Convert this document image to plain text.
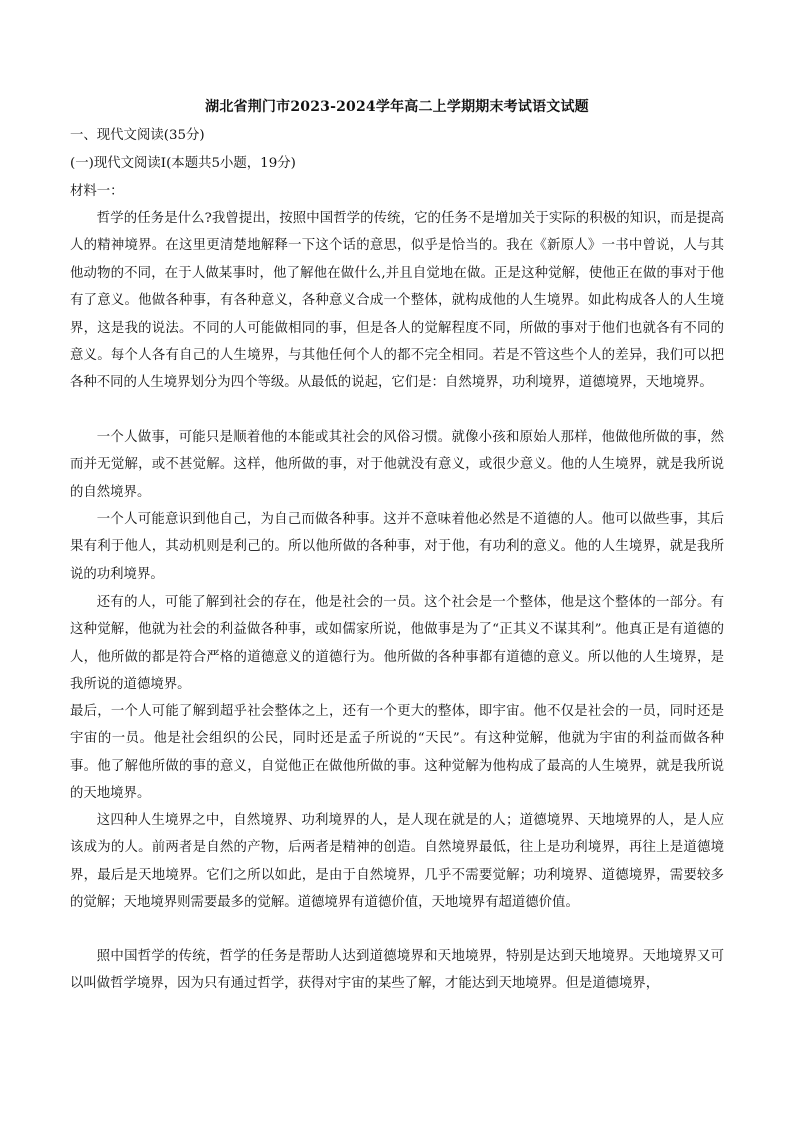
湖北省荆门市2023-2024学年高二上学期期末考试语文试题
一、现代文阅读(35分)
(一)现代文阅读Ⅰ(本题共5小题，19分)
材料一：

哲学的任务是什么?我曾提出，按照中国哲学的传统，它的任务不是增加关于实际的积极的知识，而是提高人的精神境界。在这里更清楚地解释一下这个话的意思，似乎是恰当的。我在《新原人》一书中曾说，人与其他动物的不同，在于人做某事时，他了解他在做什么,并且自觉地在做。正是这种觉解，使他正在做的事对于他有了意义。他做各种事，有各种意义，各种意义合成一个整体，就构成他的人生境界。如此构成各人的人生境界，这是我的说法。不同的人可能做相同的事，但是各人的觉解程度不同，所做的事对于他们也就各有不同的意义。每个人各有自己的人生境界，与其他任何个人的都不完全相同。若是不管这些个人的差异，我们可以把各种不同的人生境界划分为四个等级。从最低的说起，它们是：自然境界，功利境界，道德境界，天地境界。

一个人做事，可能只是顺着他的本能或其社会的风俗习惯。就像小孩和原始人那样，他做他所做的事，然而并无觉解，或不甚觉解。这样，他所做的事，对于他就没有意义，或很少意义。他的人生境界，就是我所说的自然境界。

一个人可能意识到他自己，为自己而做各种事。这并不意味着他必然是不道德的人。他可以做些事，其后果有利于他人，其动机则是利己的。所以他所做的各种事，对于他，有功利的意义。他的人生境界，就是我所说的功利境界。

还有的人，可能了解到社会的存在，他是社会的一员。这个社会是一个整体，他是这个整体的一部分。有这种觉解，他就为社会的利益做各种事，或如儒家所说，他做事是为了“正其义不谋其利”。他真正是有道德的人，他所做的都是符合严格的道德意义的道德行为。他所做的各种事都有道德的意义。所以他的人生境界，是我所说的道德境界。

最后，一个人可能了解到超乎社会整体之上，还有一个更大的整体，即宇宙。他不仅是社会的一员，同时还是宇宙的一员。他是社会组织的公民，同时还是孟子所说的“天民”。有这种觉解，他就为宇宙的利益而做各种事。他了解他所做的事的意义，自觉他正在做他所做的事。这种觉解为他构成了最高的人生境界，就是我所说的天地境界。

这四种人生境界之中，自然境界、功利境界的人，是人现在就是的人；道德境界、天地境界的人，是人应该成为的人。前两者是自然的产物，后两者是精神的创造。自然境界最低，往上是功利境界，再往上是道德境界，最后是天地境界。它们之所以如此，是由于自然境界，几乎不需要觉解；功利境界、道德境界，需要较多的觉解；天地境界则需要最多的觉解。道德境界有道德价值，天地境界有超道德价值。

照中国哲学的传统，哲学的任务是帮助人达到道德境界和天地境界，特别是达到天地境界。天地境界又可以叫做哲学境界，因为只有通过哲学，获得对宇宙的某些了解，才能达到天地境界。但是道德境界，
